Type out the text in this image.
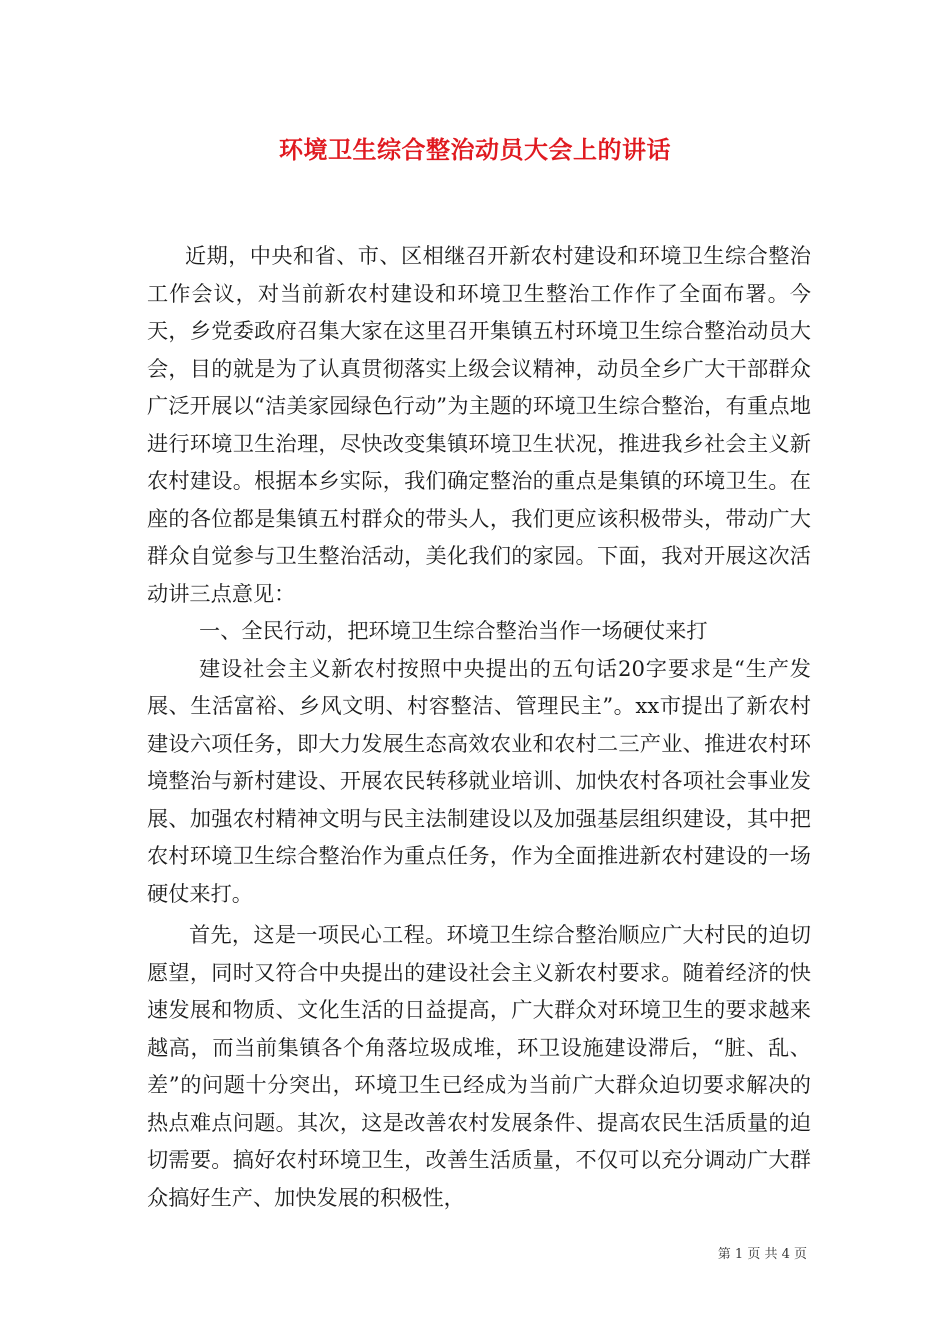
环境卫生综合整治动员大会上的讲话

近期，中央和省、市、区相继召开新农村建设和环境卫生综合整治工作会议，对当前新农村建设和环境卫生整治工作作了全面布署。今天，乡党委政府召集大家在这里召开集镇五村环境卫生综合整治动员大会，目的就是为了认真贯彻落实上级会议精神，动员全乡广大干部群众广泛开展以“洁美家园绿色行动”为主题的环境卫生综合整治，有重点地进行环境卫生治理，尽快改变集镇环境卫生状况，推进我乡社会主义新农村建设。根据本乡实际，我们确定整治的重点是集镇的环境卫生。在座的各位都是集镇五村群众的带头人，我们更应该积极带头，带动广大群众自觉参与卫生整治活动，美化我们的家园。下面，我对开展这次活动讲三点意见：

一、全民行动，把环境卫生综合整治当作一场硬仗来打

建设社会主义新农村按照中央提出的五句话20字要求是“生产发展、生活富裕、乡风文明、村容整洁、管理民主”。xx市提出了新农村建设六项任务，即大力发展生态高效农业和农村二三产业、推进农村环境整治与新村建设、开展农民转移就业培训、加快农村各项社会事业发展、加强农村精神文明与民主法制建设以及加强基层组织建设，其中把农村环境卫生综合整治作为重点任务，作为全面推进新农村建设的一场硬仗来打。

首先，这是一项民心工程。环境卫生综合整治顺应广大村民的迫切愿望，同时又符合中央提出的建设社会主义新农村要求。随着经济的快速发展和物质、文化生活的日益提高，广大群众对环境卫生的要求越来越高，而当前集镇各个角落垃圾成堆，环卫设施建设滞后，“脏、乱、差”的问题十分突出，环境卫生已经成为当前广大群众迫切要求解决的热点难点问题。其次，这是改善农村发展条件、提高农民生活质量的迫切需要。搞好农村环境卫生，改善生活质量，不仅可以充分调动广大群众搞好生产、加快发展的积极性，

第 1 页 共 4 页
